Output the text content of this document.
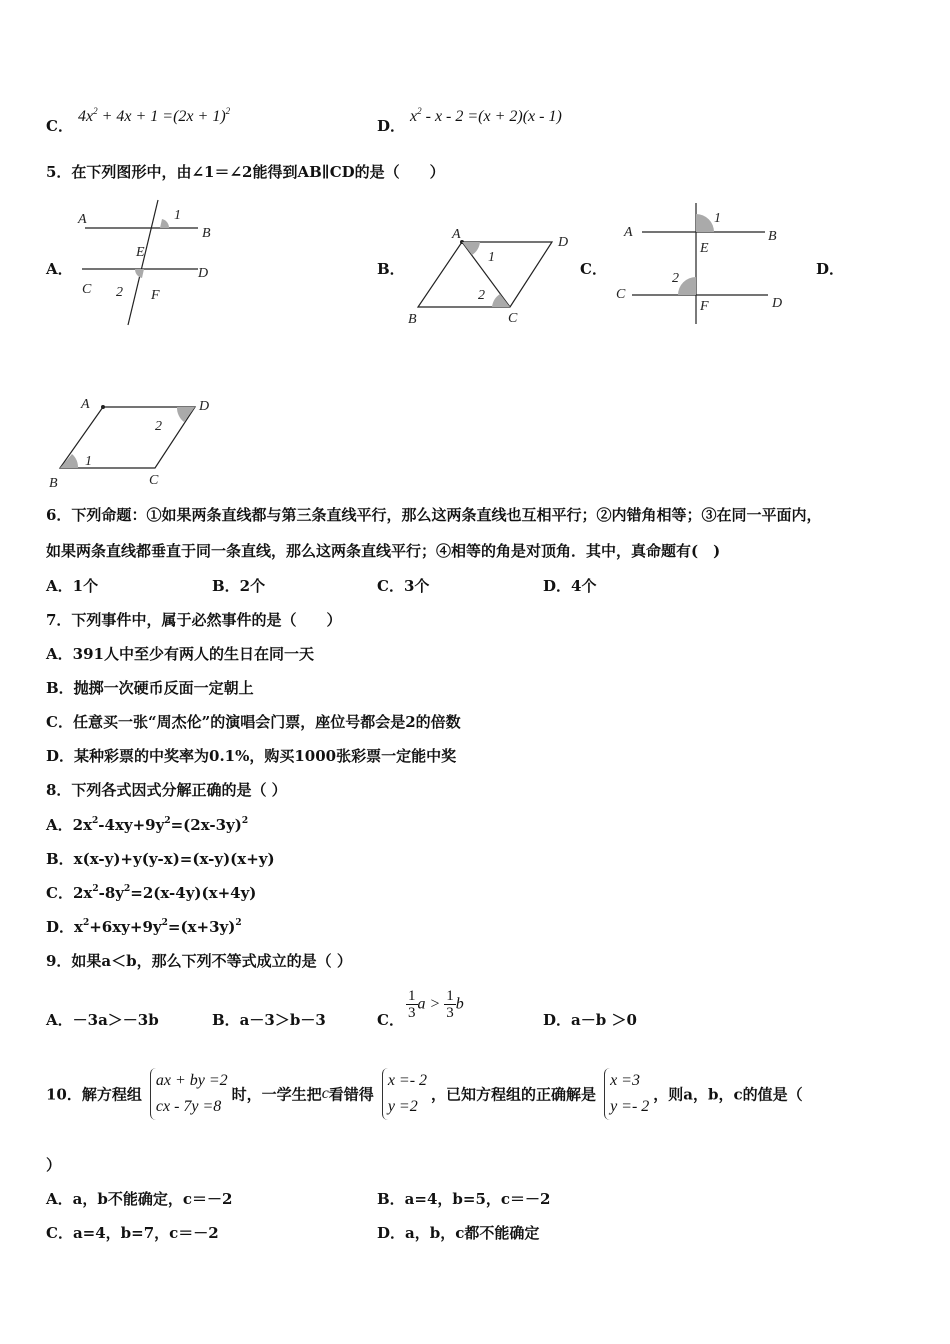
C．
$4x^2 + 4x + 1 =(2x + 1)^2$
D．
$x^2 - x - 2 =(x + 2)(x - 1)$
5．在下列图形中，由∠1＝∠2能得到AB∥CD的是（　　）
A．	B．	C．	D．
A
B
C
D
E
F
1
2
A
D
B	C
1
2
A	B
C
D
E
F
1
2
A	D
B	C
1
2
6．下列命题：①如果两条直线都与第三条直线平行，那么这两条直线也互相平行；②内错角相等；③在同一平面内，
如果两条直线都垂直于同一条直线，那么这两条直线平行；④相等的角是对顶角．其中，真命题有(　)
A．1个	B．2个	C．3个	D．4个
7．下列事件中，属于必然事件的是（　　）
A．391人中至少有两人的生日在同一天
B．抛掷一次硬币反面一定朝上
C．任意买一张“周杰伦”的演唱会门票，座位号都会是2的倍数
D．某种彩票的中奖率为0.1%，购买1000张彩票一定能中奖
8．下列各式因式分解正确的是（ ）
A．$2x^2-4xy+9y^2=(2x-3y)^2$
B．x(x-y)+y(y-x)=(x-y)(x+y)
C．$2x^2-8y^2=2(x-4y)(x+4y)$
D．$x^2+6xy+9y^2=(x+3y)^2$
9．如果a＜b，那么下列不等式成立的是（ ）
A．－3a＞－3b	B．a－3＞b－3	C． $\frac{1}{3}$ $a > \frac{1}{3}$ b
D．a－b ＞0
10．解方程组
ax + by =2
cx - 7y =8
时，一学生把c看错得
x =- 2
y =2
，已知方程组的正确解是
x =3
y =- 2
，则a，b，c的值是（
）
A．a，b不能确定，c＝－2	B．a=4，b=5，c＝－2
C．a=4，b=7，c＝－2	D．a，b，c都不能确定
